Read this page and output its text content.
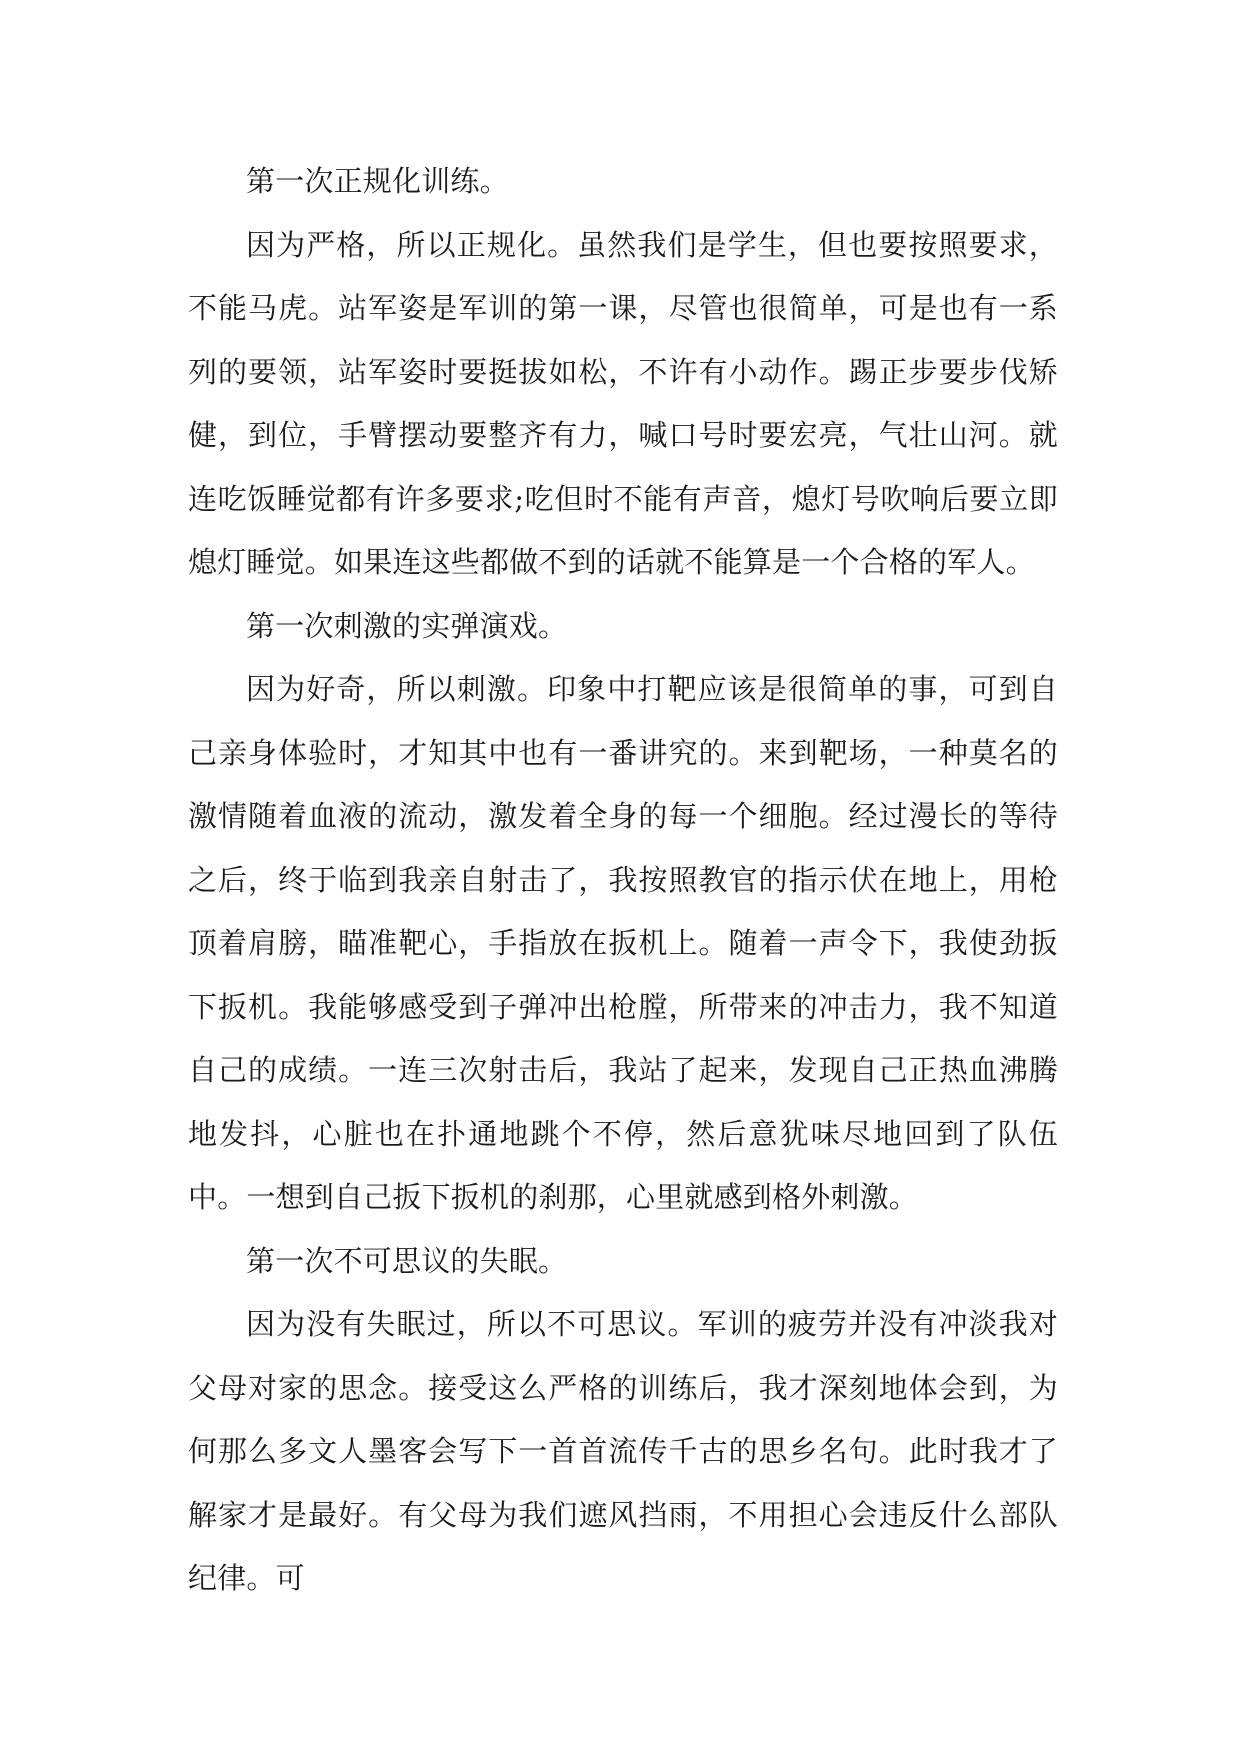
第一次正规化训练。

因为严格，所以正规化。虽然我们是学生，但也要按照要求，不能马虎。站军姿是军训的第一课，尽管也很简单，可是也有一系列的要领，站军姿时要挺拔如松，不许有小动作。踢正步要步伐矫健，到位，手臂摆动要整齐有力，喊口号时要宏亮，气壮山河。就连吃饭睡觉都有许多要求;吃但时不能有声音，熄灯号吹响后要立即熄灯睡觉。如果连这些都做不到的话就不能算是一个合格的军人。

第一次刺激的实弹演戏。

因为好奇，所以刺激。印象中打靶应该是很简单的事，可到自己亲身体验时，才知其中也有一番讲究的。来到靶场，一种莫名的激情随着血液的流动，激发着全身的每一个细胞。经过漫长的等待之后，终于临到我亲自射击了，我按照教官的指示伏在地上，用枪顶着肩膀，瞄准靶心，手指放在扳机上。随着一声令下，我使劲扳下扳机。我能够感受到子弹冲出枪膛，所带来的冲击力，我不知道自己的成绩。一连三次射击后，我站了起来，发现自己正热血沸腾地发抖，心脏也在扑通地跳个不停，然后意犹味尽地回到了队伍中。一想到自己扳下扳机的刹那，心里就感到格外刺激。

第一次不可思议的失眠。

因为没有失眠过，所以不可思议。军训的疲劳并没有冲淡我对父母对家的思念。接受这么严格的训练后，我才深刻地体会到，为何那么多文人墨客会写下一首首流传千古的思乡名句。此时我才了解家才是最好。有父母为我们遮风挡雨，不用担心会违反什么部队纪律。可
